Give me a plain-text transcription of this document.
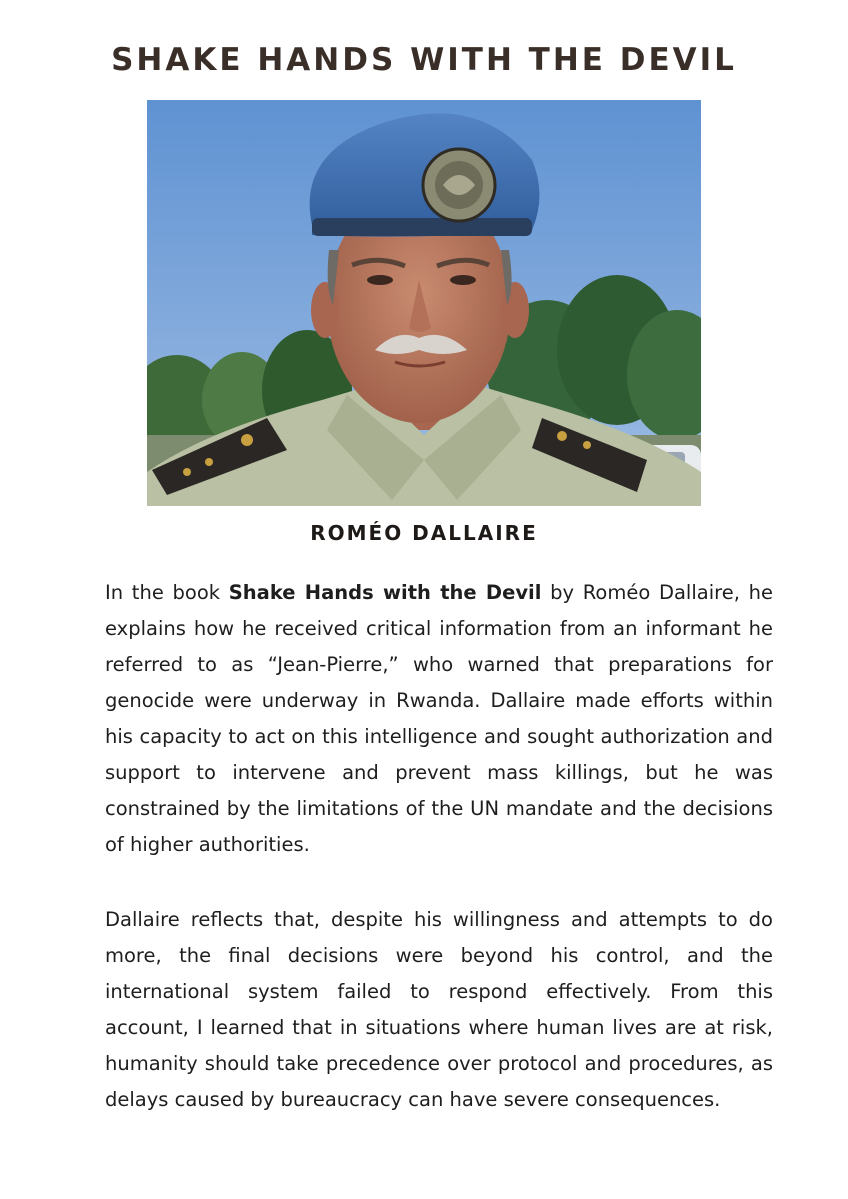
SHAKE HANDS WITH THE DEVIL

ROMÉO DALLAIRE

In the book Shake Hands with the Devil by Roméo Dallaire, he explains how he received critical information from an informant he referred to as “Jean-Pierre,” who warned that preparations for genocide were underway in Rwanda. Dallaire made efforts within his capacity to act on this intelligence and sought authorization and support to intervene and prevent mass killings, but he was constrained by the limitations of the UN mandate and the decisions of higher authorities.

Dallaire reflects that, despite his willingness and attempts to do more, the final decisions were beyond his control, and the international system failed to respond effectively. From this account, I learned that in situations where human lives are at risk, humanity should take precedence over protocol and procedures, as delays caused by bureaucracy can have severe consequences.
